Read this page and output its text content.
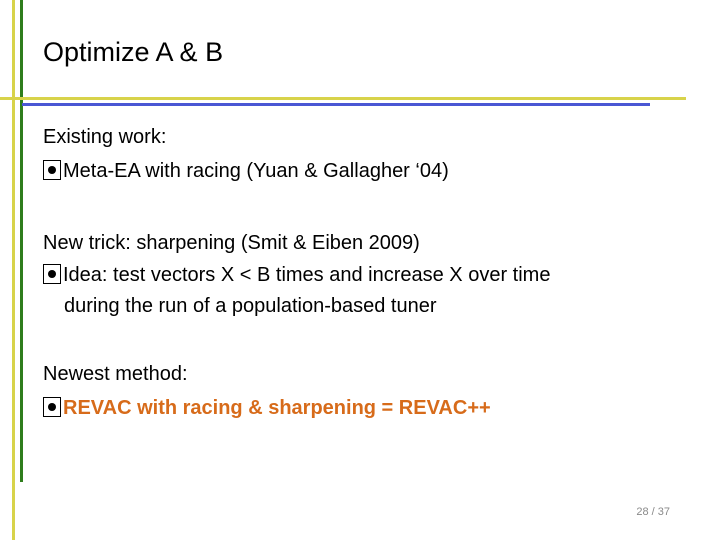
Optimize A & B
Existing work:
Meta-EA with racing (Yuan & Gallagher ‘04)
New trick: sharpening (Smit & Eiben 2009)
Idea: test vectors X < B times and increase X over time
during the run of a population-based tuner
Newest method:
REVAC with racing & sharpening = REVAC++
28 / 37
